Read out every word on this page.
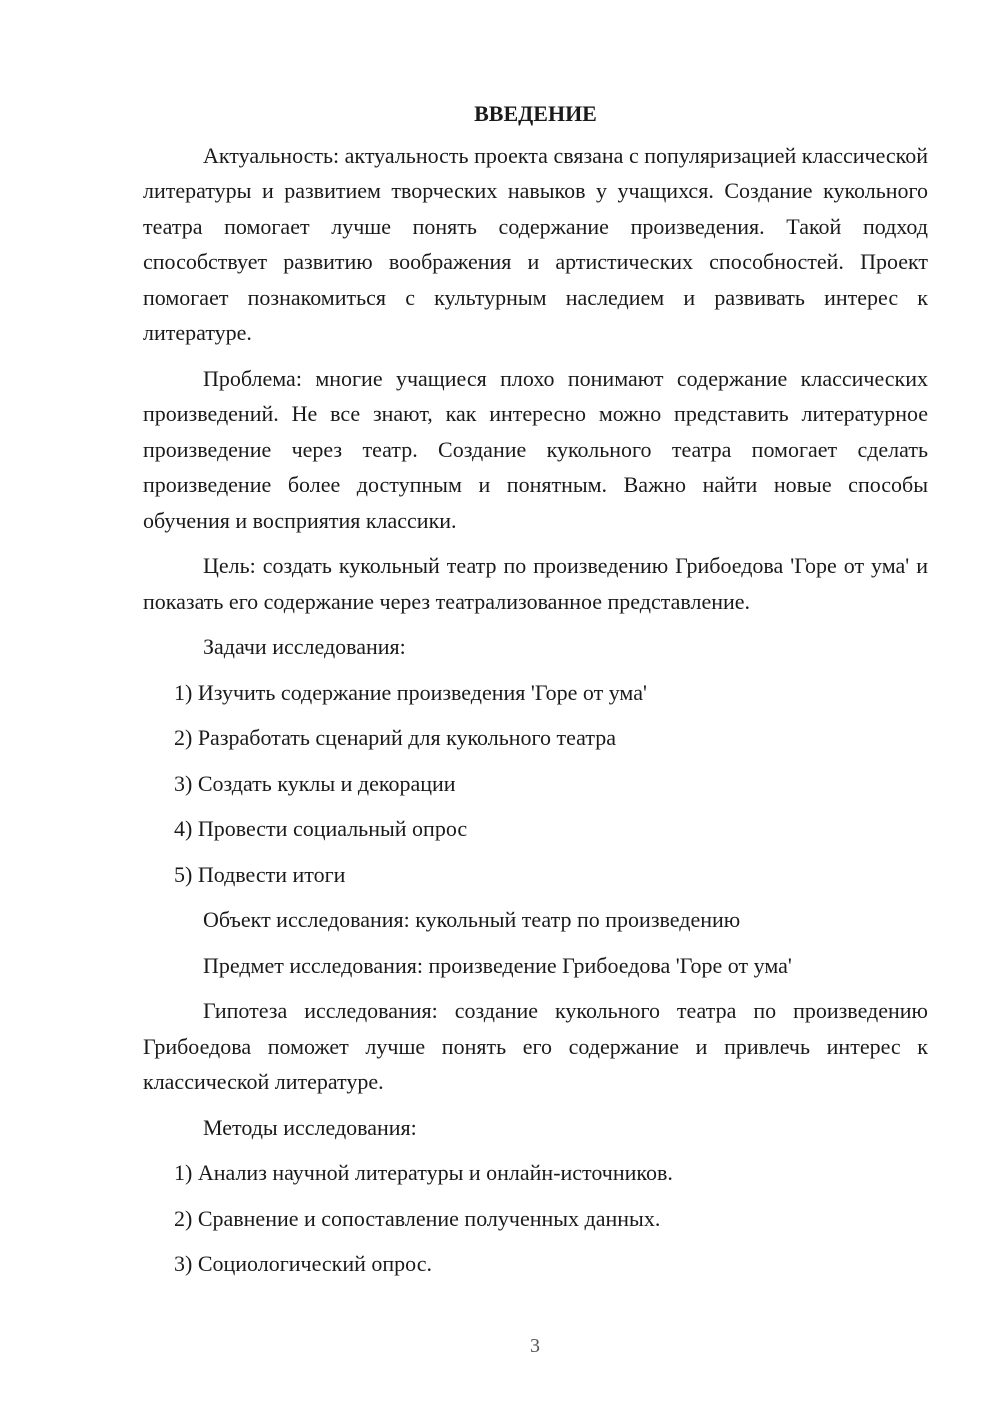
ВВЕДЕНИЕ
Актуальность: актуальность проекта связана с популяризацией классической литературы и развитием творческих навыков у учащихся. Создание кукольного театра помогает лучше понять содержание произведения. Такой подход способствует развитию воображения и артистических способностей. Проект помогает познакомиться с культурным наследием и развивать интерес к литературе.
Проблема: многие учащиеся плохо понимают содержание классических произведений. Не все знают, как интересно можно представить литературное произведение через театр. Создание кукольного театра помогает сделать произведение более доступным и понятным. Важно найти новые способы обучения и восприятия классики.
Цель: создать кукольный театр по произведению Грибоедова 'Горе от ума' и показать его содержание через театрализованное представление.
Задачи исследования:
1) Изучить содержание произведения 'Горе от ума'
2) Разработать сценарий для кукольного театра
3) Создать куклы и декорации
4) Провести социальный опрос
5) Подвести итоги
Объект исследования: кукольный театр по произведению
Предмет исследования: произведение Грибоедова 'Горе от ума'
Гипотеза исследования: создание кукольного театра по произведению Грибоедова поможет лучше понять его содержание и привлечь интерес к классической литературе.
Методы исследования:
1) Анализ научной литературы и онлайн-источников.
2) Сравнение и сопоставление полученных данных.
3) Социологический опрос.
3
